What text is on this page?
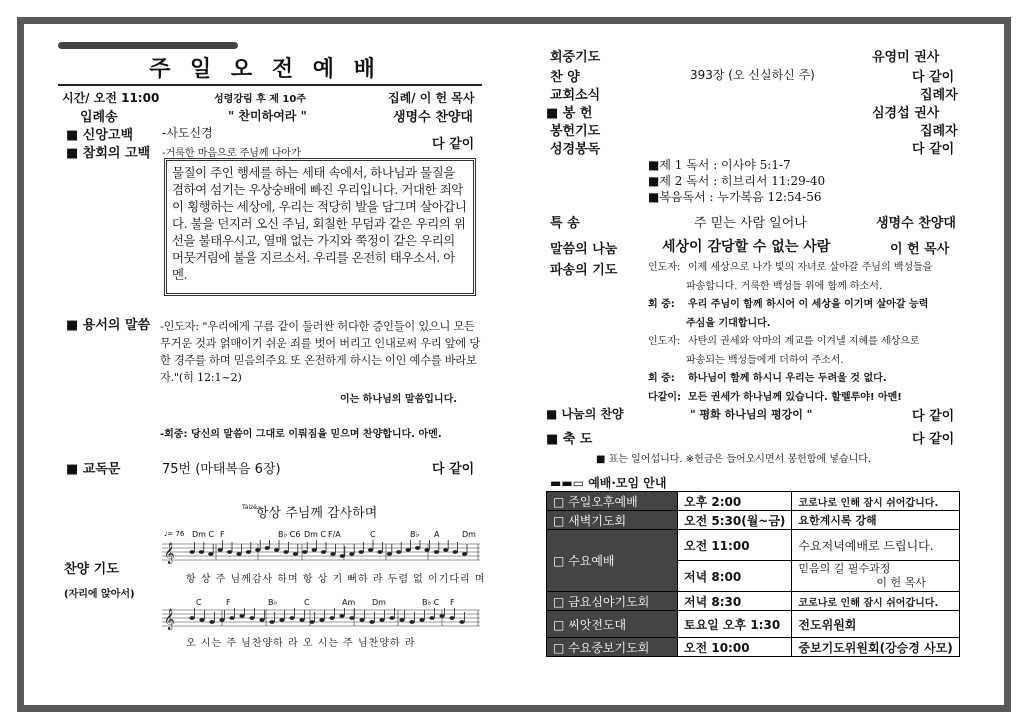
주 일 오 전 예 배
시간/ 오전 11:00	성령강림 후 제 10주	집례/ 이 헌 목사
입례송	" 찬미하여라 "	생명수 찬양대
■ 신앙고백 -사도신경
■ 참회의 고백 -거룩한 마음으로 주님께 나아가
다 같이
물질이 주인 행세를 하는 세태 속에서, 하나님과 물질을 겸하여 섬기는 우상숭배에 빠진 우리입니다. 거대한 죄악이 횡행하는 세상에, 우리는 적당히 발을 담그며 살아갑니다. 불을 던지러 오신 주님, 회칠한 무덤과 같은 우리의 위선을 불태우시고, 열매 없는 가지와 쭉정이 같은 우리의 머뭇거림에 불을 지르소서. 우리를 온전히 태우소서. 아멘.
■ 용서의 말씀 -인도자: "우리에게 구름 같이 둘러싼 허다한 증인들이 있으니 모든 무거운 것과 얽매이기 쉬운 죄를 벗어 버리고 인내로써 우리 앞에 당한 경주를 하며 믿음의주요 또 온전하게 하시는 이인 예수를 바라보자."(히 12:1~2)
이는 하나님의 말씀입니다.
-회중: 당신의 말씀이 그대로 이뤄짐을 믿으며 찬양합니다. 아멘.
■ 교독문	75번 (마태복음 6장)	다 같이
Taizé 항상 주님께 감사하며
찬양 기도
(자리에 앉아서)
♩= 76 Dm C F	B♭ C6 Dm C F/A	C	B♭ A	Dm
𝄞
항 상 주 님께감사 하며 항 상 기 뻐하 라 두렴 없 이기다리 며
C	F	B♭	C	Am Dm	B♭ C F
𝄞
오 시는 주 님찬양하 라 오 시는 주 님찬양하 라
회중기도	유영미 권사
찬 양	393장 (오 신실하신 주)	다 같이
교회소식	집례자
■ 봉 헌	심경섭 권사
봉헌기도	집례자
성경봉독	다 같이
■제 1 독서 : 이사야 5:1-7
■제 2 독서 : 히브리서 11:29-40
■복음독서 : 누가복음 12:54-56
특 송	주 믿는 사람 일어나	생명수 찬양대
말씀의 나눔	세상이 감당할 수 없는 사람	이 헌 목사
파송의 기도	인도자: 이제 세상으로 나가 빛의 자녀로 살아갈 주님의 백성들을
파송합니다. 거룩한 백성들 위에 함께 하소서.
회 중: 우리 주님이 함께 하시어 이 세상을 이기며 살아갈 능력
주심을 기대합니다.
인도자: 사탄의 권세와 악마의 계교를 이겨낼 지혜를 세상으로
파송되는 백성들에게 더하여 주소서.
회 중: 하나님이 함께 하시니 우리는 두려울 것 없다.
다같이: 모든 권세가 하나님께 있습니다. 할렐루야! 아멘!
■ 나눔의 찬양	" 평화 하나님의 평강이 "	다 같이
■ 축 도	다 같이
■ 표는 일어섭니다. ※헌금은 들어오시면서 봉헌함에 넣습니다.
▬▬▭ 예배·모임 안내
□ 주일오후예배	오후 2:00	코로나로 인해 잠시 쉬어갑니다.
□ 새벽기도회	오전 5:30(월~금)	요한계시록 강해
□ 수요예배	오전 11:00	수요저녁예배로 드립니다.
	저녁 8:00	믿음의 길 필수과정
이 헌 목사

□ 금요심야기도회	저녁 8:30	코로나로 인해 잠시 쉬어갑니다.
□ 씨앗전도대	토요일 오후 1:30	전도위원회
□ 수요중보기도회	오전 10:00	중보기도위원회(강승경 사모)
